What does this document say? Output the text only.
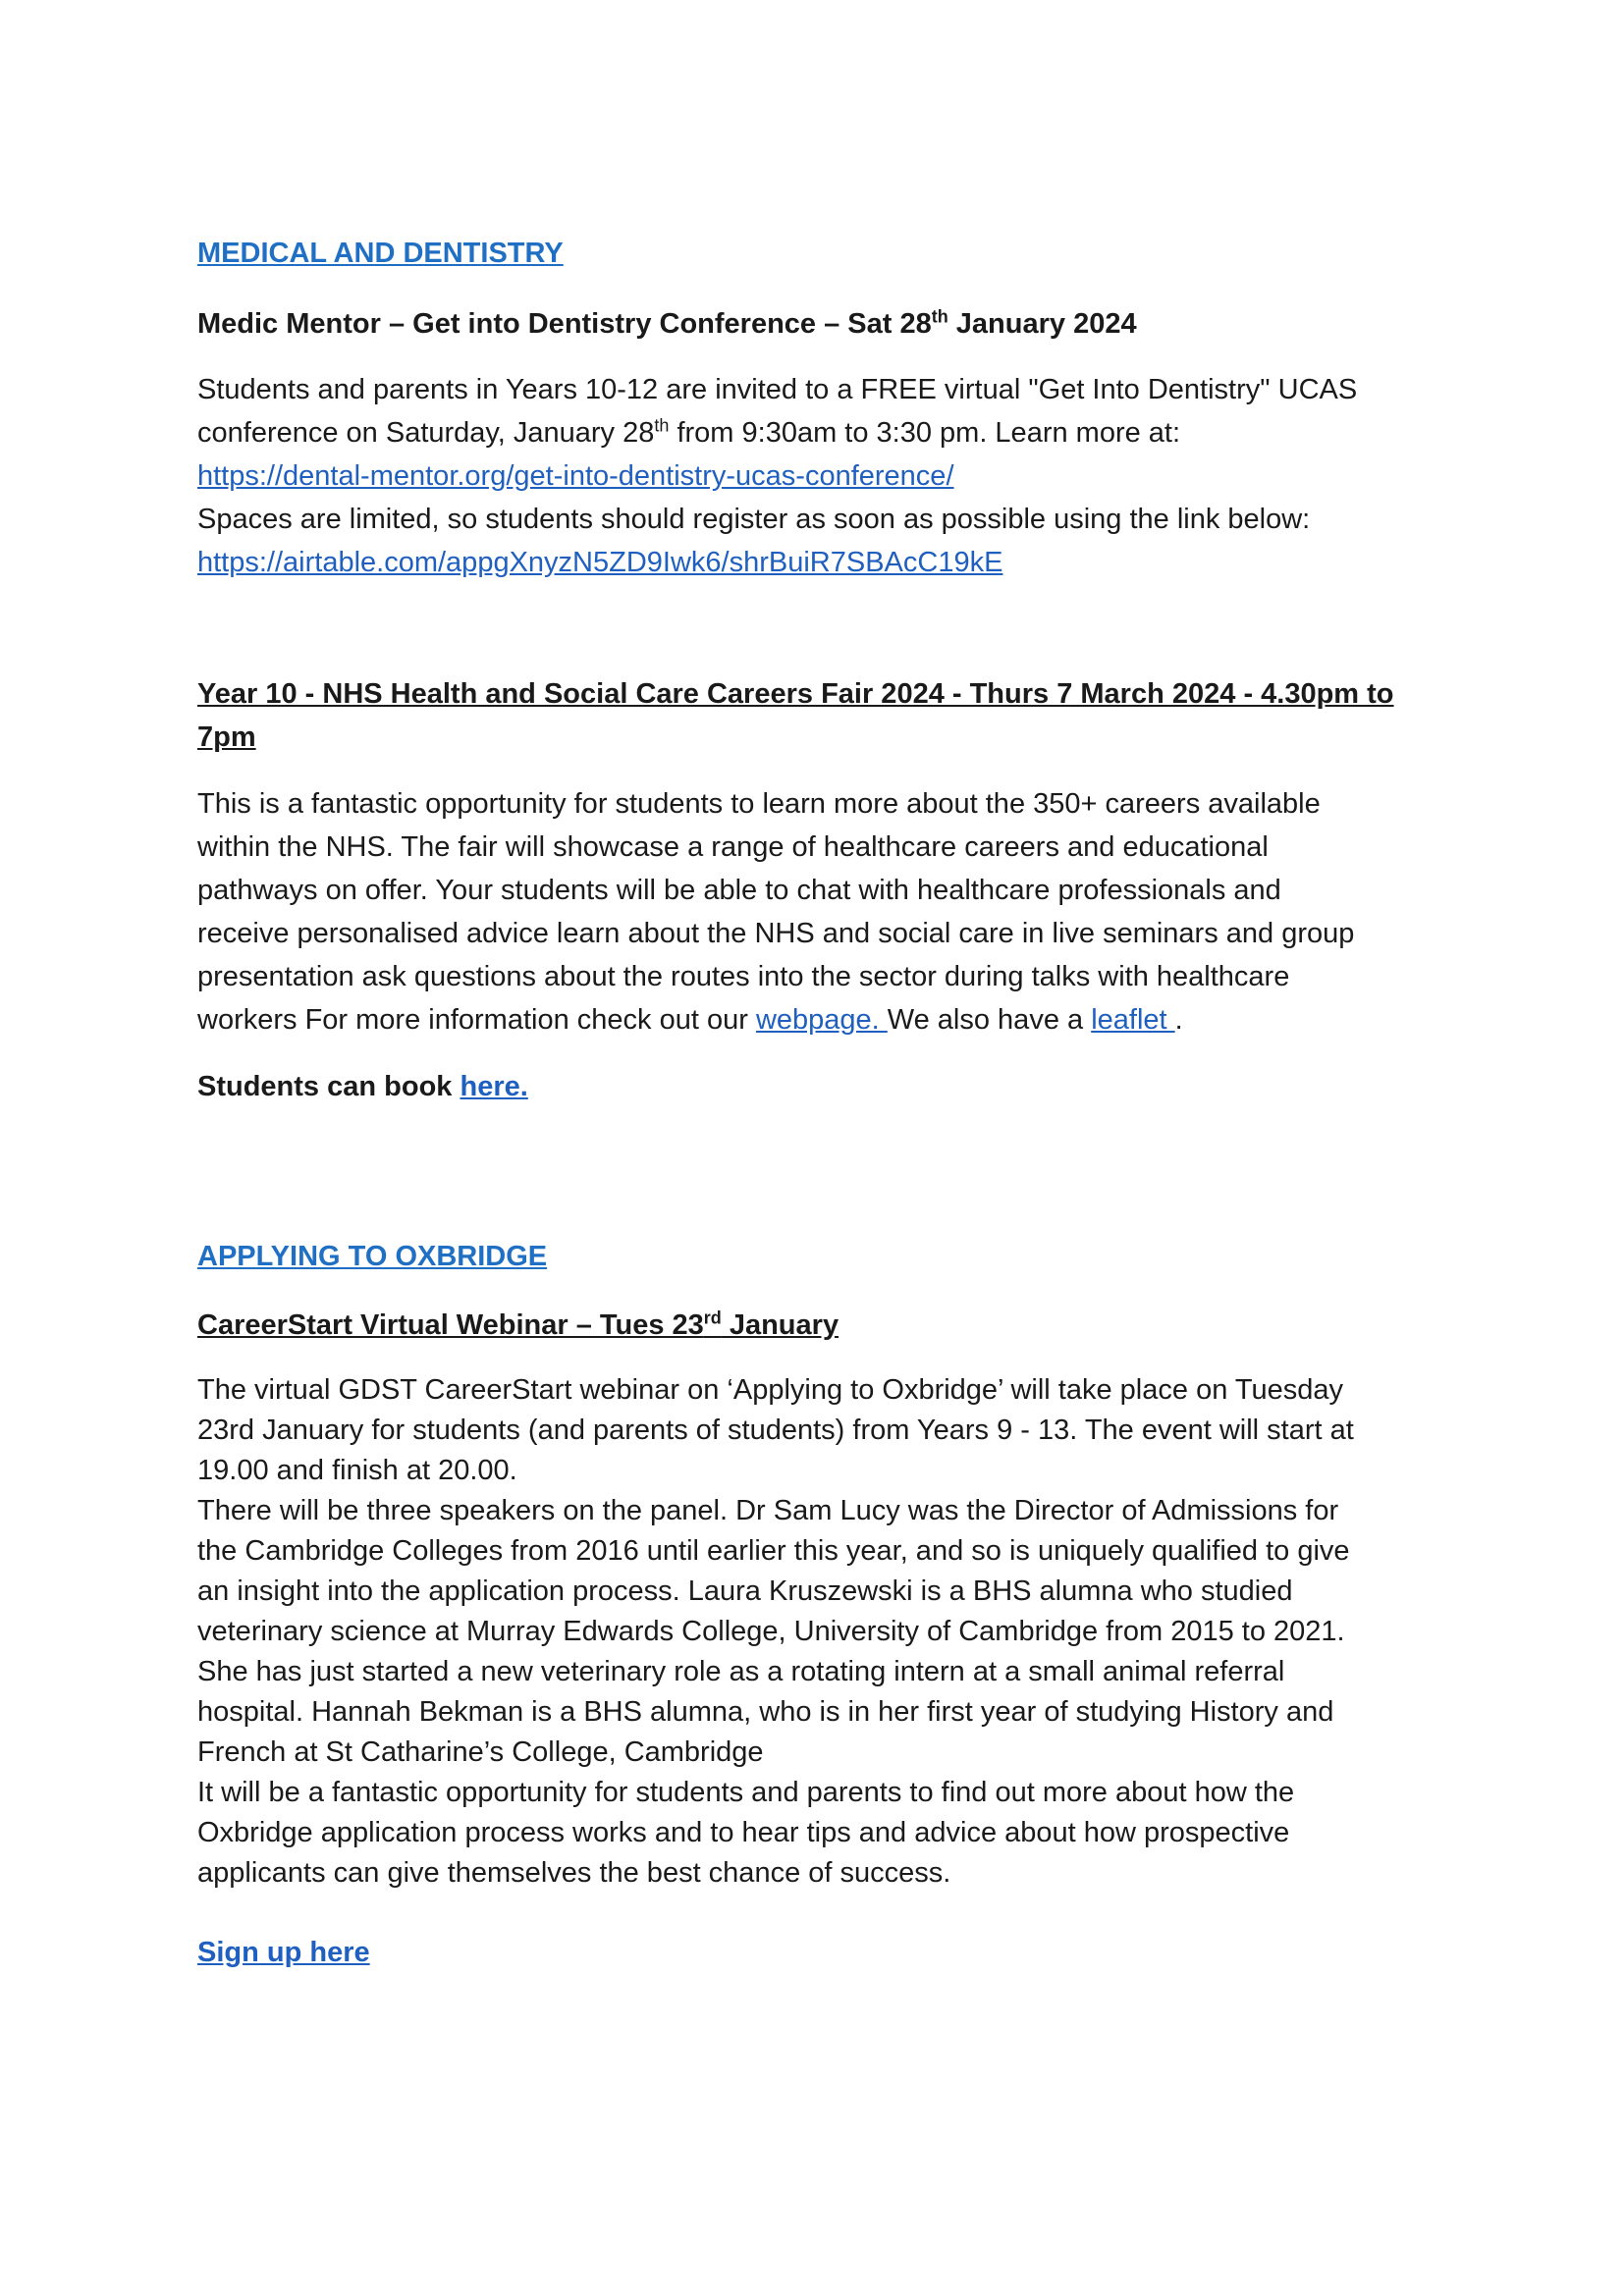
MEDICAL AND DENTISTRY
Medic Mentor – Get into Dentistry Conference – Sat 28th January 2024
Students and parents in Years 10-12 are invited to a FREE virtual "Get Into Dentistry" UCAS
conference on Saturday, January 28th from 9:30am to 3:30 pm. Learn more at:
https://dental-mentor.org/get-into-dentistry-ucas-conference/
Spaces are limited, so students should register as soon as possible using the link below:
https://airtable.com/appgXnyzN5ZD9Iwk6/shrBuiR7SBAcC19kE
Year 10 - NHS Health and Social Care Careers Fair 2024 - Thurs 7 March 2024 - 4.30pm to 7pm
This is a fantastic opportunity for students to learn more about the 350+ careers available
within the NHS. The fair will showcase a range of healthcare careers and educational
pathways on offer. Your students will be able to chat with healthcare professionals and
receive personalised advice learn about the NHS and social care in live seminars and group
presentation ask questions about the routes into the sector during talks with healthcare
workers For more information check out our webpage. We also have a leaflet .
Students can book here.
APPLYING TO OXBRIDGE
CareerStart Virtual Webinar – Tues 23rd January
The virtual GDST CareerStart webinar on ‘Applying to Oxbridge’ will take place on Tuesday
23rd January for students (and parents of students) from Years 9 - 13. The event will start at
19.00 and finish at 20.00.
There will be three speakers on the panel. Dr Sam Lucy was the Director of Admissions for
the Cambridge Colleges from 2016 until earlier this year, and so is uniquely qualified to give
an insight into the application process. Laura Kruszewski is a BHS alumna who studied
veterinary science at Murray Edwards College, University of Cambridge from 2015 to 2021.
She has just started a new veterinary role as a rotating intern at a small animal referral
hospital. Hannah Bekman is a BHS alumna, who is in her first year of studying History and
French at St Catharine’s College, Cambridge
It will be a fantastic opportunity for students and parents to find out more about how the
Oxbridge application process works and to hear tips and advice about how prospective
applicants can give themselves the best chance of success.
Sign up here
